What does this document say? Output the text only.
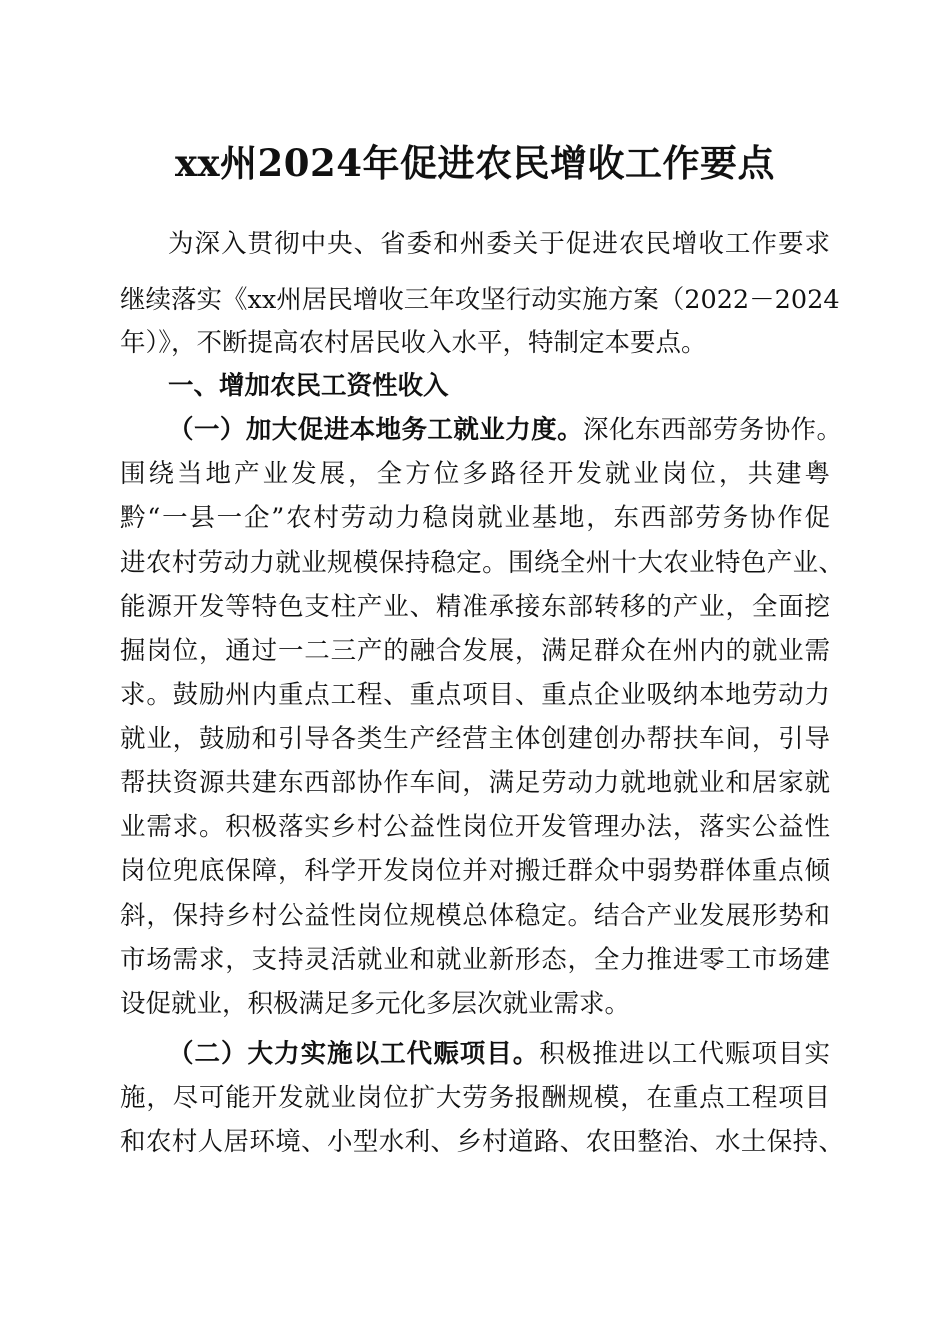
xx州2024年促进农民增收工作要点
为深入贯彻中央、省委和州委关于促进农民增收工作要求
继续落实《xx州居民增收三年攻坚行动实施方案（2022－2024
年）》，不断提高农村居民收入水平，特制定本要点。
一、增加农民工资性收入
（一）加大促进本地务工就业力度。深化东西部劳务协作。
围绕当地产业发展，全方位多路径开发就业岗位，共建粤
黔“一县一企”农村劳动力稳岗就业基地，东西部劳务协作促
进农村劳动力就业规模保持稳定。围绕全州十大农业特色产业、
能源开发等特色支柱产业、精准承接东部转移的产业，全面挖
掘岗位，通过一二三产的融合发展，满足群众在州内的就业需
求。鼓励州内重点工程、重点项目、重点企业吸纳本地劳动力
就业，鼓励和引导各类生产经营主体创建创办帮扶车间，引导
帮扶资源共建东西部协作车间，满足劳动力就地就业和居家就
业需求。积极落实乡村公益性岗位开发管理办法，落实公益性
岗位兜底保障，科学开发岗位并对搬迁群众中弱势群体重点倾
斜，保持乡村公益性岗位规模总体稳定。结合产业发展形势和
市场需求，支持灵活就业和就业新形态，全力推进零工市场建
设促就业，积极满足多元化多层次就业需求。
（二）大力实施以工代赈项目。积极推进以工代赈项目实
施，尽可能开发就业岗位扩大劳务报酬规模，在重点工程项目
和农村人居环境、小型水利、乡村道路、农田整治、水土保持、
